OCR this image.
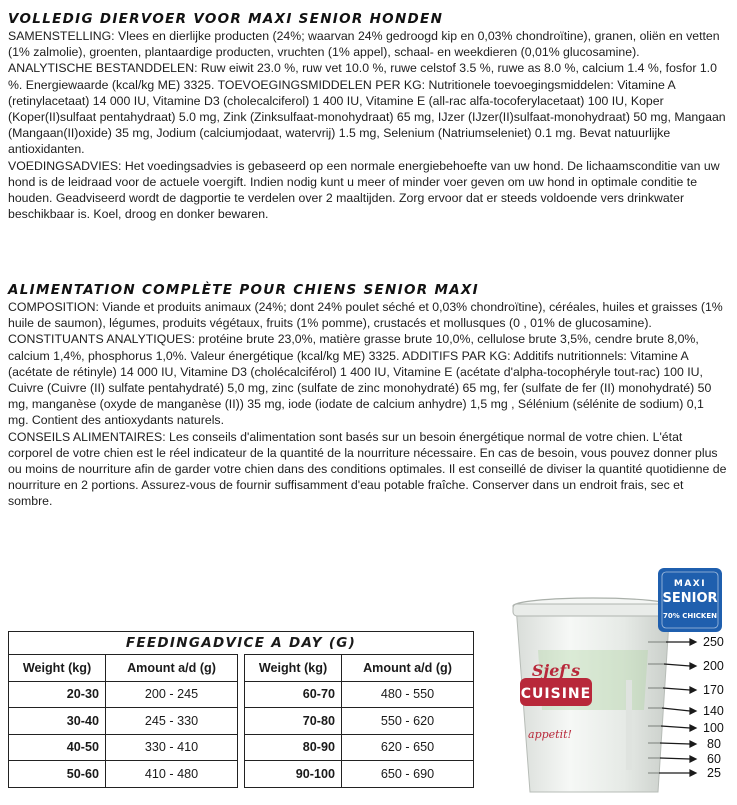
VOLLEDIG DIERVOER VOOR MAXI SENIOR HONDEN

SAMENSTELLING: Vlees en dierlijke producten (24%; waarvan 24% gedroogd kip en 0,03% chondroïtine), granen, oliën en vetten (1% zalmolie), groenten, plantaardige producten, vruchten (1% appel), schaal- en weekdieren (0,01% glucosamine).

ANALYTISCHE BESTANDDELEN: Ruw eiwit 23.0 %, ruw vet 10.0 %, ruwe celstof 3.5 %, ruwe as 8.0 %, calcium 1.4 %, fosfor 1.0 %. Energiewaarde (kcal/kg ME) 3325. TOEVOEGINGSMIDDELEN PER KG: Nutritionele toevoegingsmiddelen: Vitamine A (retinylacetaat) 14 000 IU, Vitamine D3 (cholecalciferol) 1 400 IU, Vitamine E (all-rac alfa-tocoferylacetaat) 100 IU, Koper (Koper(II)sulfaat pentahydraat) 5.0 mg, Zink (Zinksulfaat-monohydraat) 65 mg, IJzer (IJzer(II)sulfaat-monohydraat) 50 mg, Mangaan (Mangaan(II)oxide) 35 mg, Jodium (calciumjodaat, watervrij) 1.5 mg, Selenium (Natriumseleniet) 0.1 mg. Bevat natuurlijke antioxidanten.

VOEDINGSADVIES: Het voedingsadvies is gebaseerd op een normale energiebehoefte van uw hond. De lichaamsconditie van uw hond is de leidraad voor de actuele voergift. Indien nodig kunt u meer of minder voer geven om uw hond in optimale conditie te houden. Geadviseerd wordt de dagportie te verdelen over 2 maaltijden. Zorg ervoor dat er steeds voldoende vers drinkwater beschikbaar is. Koel, droog en donker bewaren.

ALIMENTATION COMPLÈTE POUR CHIENS SENIOR MAXI

COMPOSITION: Viande et produits animaux (24%; dont 24% poulet séché et 0,03% chondroïtine), céréales, huiles et graisses (1% huile de saumon), légumes, produits végétaux, fruits (1% pomme), crustacés et mollusques (0 , 01% de glucosamine).

CONSTITUANTS ANALYTIQUES: protéine brute 23,0%, matière grasse brute 10,0%, cellulose brute 3,5%, cendre brute 8,0%, calcium 1,4%, phosphorus 1,0%. Valeur énergétique (kcal/kg ME) 3325. ADDITIFS PAR KG: Additifs nutritionnels: Vitamine A (acétate de rétinyle) 14 000 IU, Vitamine D3 (cholécalciférol) 1 400 IU, Vitamine E (acétate d'alpha-tocophéryle tout-rac) 100 IU, Cuivre (Cuivre (II) sulfate pentahydraté) 5,0 mg, zinc (sulfate de zinc monohydraté) 65 mg, fer (sulfate de fer (II) monohydraté) 50 mg, manganèse (oxyde de manganèse (II)) 35 mg, iode (iodate de calcium anhydre) 1,5 mg , Sélénium (sélénite de sodium) 0,1 mg. Contient des antioxydants naturels.

CONSEILS ALIMENTAIRES: Les conseils d'alimentation sont basés sur un besoin énergétique normal de votre chien. L'état corporel de votre chien est le réel indicateur de la quantité de la nourriture nécessaire. En cas de besoin, vous pouvez donner plus ou moins de nourriture afin de garder votre chien dans des conditions optimales. Il est conseillé de diviser la quantité quotidienne de nourriture en 2 portions. Assurez-vous de fournir suffisamment d'eau potable fraîche. Conserver dans un endroit frais, sec et sombre.

FEEDINGADVICE A DAY (G)
Weight (kg)	Amount a/d (g)
20-30	200 - 245
30-40	245 - 330
40-50	330 - 410
50-60	410 - 480
Weight (kg)	Amount a/d (g)
60-70	480 - 550
70-80	550 - 620
80-90	620 - 650
90-100	650 - 690
Sjef's
CUISINE
appetit!
MAXI
SENIOR
70% CHICKEN
250
200
170
140
100
80
60
25
